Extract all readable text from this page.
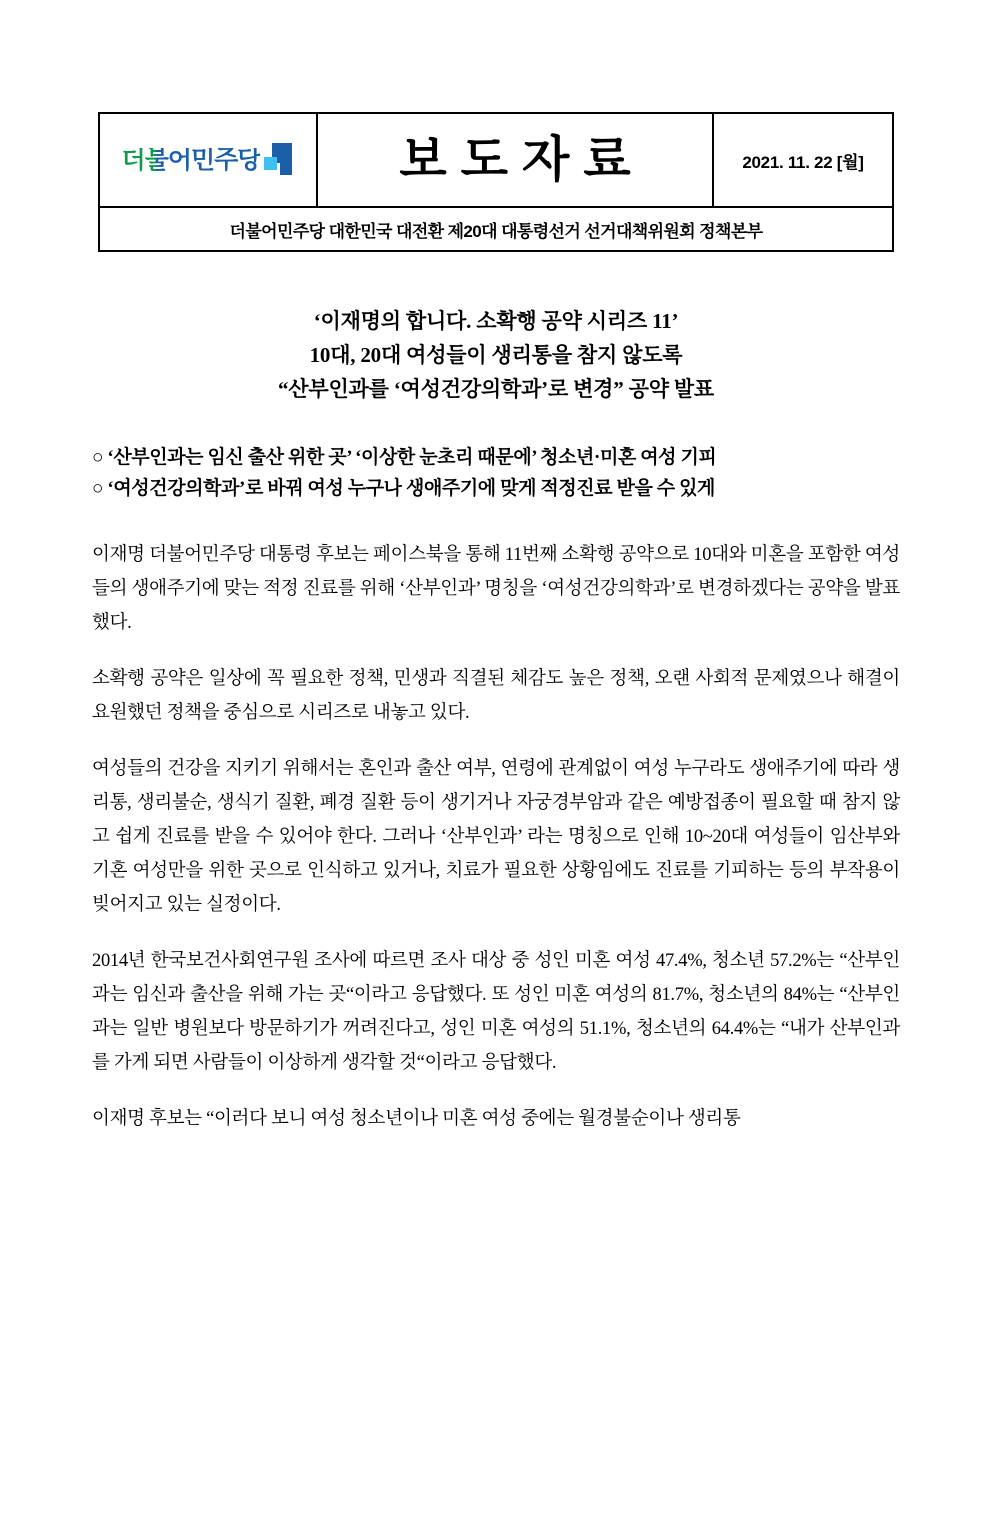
더불어민주당	보도자료	2021. 11. 22 [월]
더불어민주당 대한민국 대전환 제20대 대통령선거 선거대책위원회 정책본부
‘이재명의 합니다. 소확행 공약 시리즈 11’
10대, 20대 여성들이 생리통을 참지 않도록
“산부인과를 ‘여성건강의학과’로 변경” 공약 발표
○ ‘산부인과는 임신 출산 위한 곳’ ‘이상한 눈초리 때문에’ 청소년·미혼 여성 기피
○ ‘여성건강의학과’로 바꿔 여성 누구나 생애주기에 맞게 적정진료 받을 수 있게

이재명 더불어민주당 대통령 후보는 페이스북을 통해 11번째 소확행 공약으로 10대와 미혼을 포함한 여성들의 생애주기에 맞는 적정 진료를 위해 ‘산부인과’ 명칭을 ‘여성건강의학과’로 변경하겠다는 공약을 발표했다.

소확행 공약은 일상에 꼭 필요한 정책, 민생과 직결된 체감도 높은 정책, 오랜 사회적 문제였으나 해결이 요원했던 정책을 중심으로 시리즈로 내놓고 있다.

여성들의 건강을 지키기 위해서는 혼인과 출산 여부, 연령에 관계없이 여성 누구라도 생애주기에 따라 생리통, 생리불순, 생식기 질환, 폐경 질환 등이 생기거나 자궁경부암과 같은 예방접종이 필요할 때 참지 않고 쉽게 진료를 받을 수 있어야 한다. 그러나 ‘산부인과’ 라는 명칭으로 인해 10~20대 여성들이 임산부와 기혼 여성만을 위한 곳으로 인식하고 있거나, 치료가 필요한 상황임에도 진료를 기피하는 등의 부작용이 빚어지고 있는 실정이다.

2014년 한국보건사회연구원 조사에 따르면 조사 대상 중 성인 미혼 여성 47.4%, 청소년 57.2%는 “산부인과는 임신과 출산을 위해 가는 곳“이라고 응답했다. 또 성인 미혼 여성의 81.7%, 청소년의 84%는 “산부인과는 일반 병원보다 방문하기가 꺼려진다고, 성인 미혼 여성의 51.1%, 청소년의 64.4%는 “내가 산부인과를 가게 되면 사람들이 이상하게 생각할 것“이라고 응답했다.

이재명 후보는 “이러다 보니 여성 청소년이나 미혼 여성 중에는 월경불순이나 생리통
